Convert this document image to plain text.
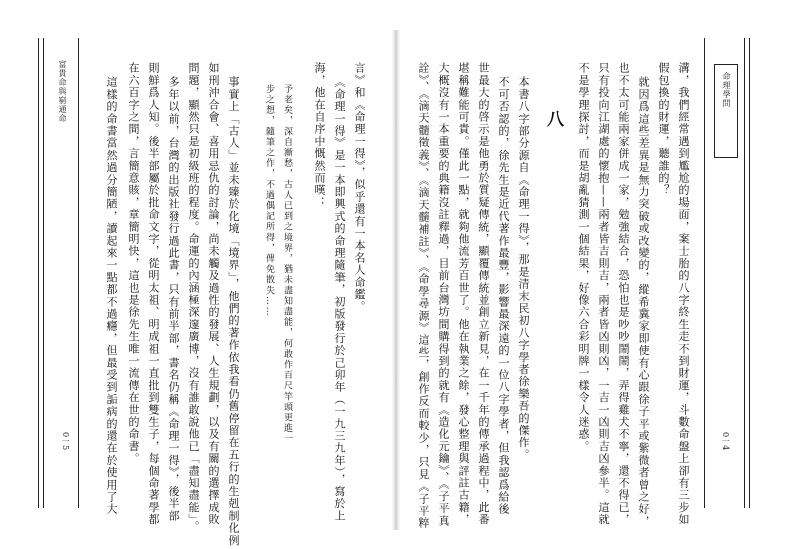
富貴命與窮通命	命理學問
0一5	0一4
言》和《命理一得》，似乎還有一本名人命鑑。
《命理一得》是一本即興式的命理隨筆，初版發行於己卯年（一九三九年），寫於上
海，他在自序中慨然而嘆：
予老矣，深自漸愁，古人已到之境界，猶未盡知盡能，何敢作百尺竿頭更進一
步之想，隨筆之作，不過偶記所得，俾免散失……
事實上「古人」並未臻於化境「境界」，他們的著作依我看仍舊停留在五行的生剋制化例
如刑沖合會、喜用忌仇的討論，尚未觸及過性的發展、人生規劃，以及有關的選擇成敗
問題，顯然只是初級班的程度。命運的內涵極深邃廣博，沒有誰敢說他已「盡知盡能」。
多年以前，台灣的出版社發行過此書，只有前半部，書名仍稱《命理一得》，後半部
則鮮爲人知。後半部屬於批命文字，從明太祖、明成祖一直批到雙生子，每個命著學都
在六百字之間，言簡意賅，章簡明快，這也是徐先生唯一流傳在世的命書。
這樣的命書當然過分簡陋，讀起來一點都不過癮，但最受到詬病的還在於使用了大	溝，我們經常遇到尷尬的場面，案士胎的八字終生走不到財運，斗數命盤上卻有三步如
假包換的財運，聽誰的？
就因爲這些差異是無力突破或改變的，縱希冀家即使有心跟徐子平或紫微者曾之好，
也不太可能兩家併成一家，勉強結合，恐怕也是吵吵鬧鬧，弄得雞犬不寧，還不得已，
只有投向江湖處的懷抱——兩者皆吉則吉，兩者皆凶則凶，一吉一凶則吉凶參半。這就
不是學理探討，而是胡亂猜測一個結果，好像六合彩明牌一樣令人迷惑。
八
本書八字部分源自《命理一得》，那是清末民初八字學者徐樂吾的傑作。
不可否認的，徐先生是近代著作最豐，影響最深遠的一位八字學者，但我認爲給後
世最大的啓示是他勇於質疑傳統，顯覆傳統並創立新見，在一千年的傳承過程中，此番
堪稱難能可貴。僅此一點，就夠他流芳百世了。他在執業之餘，發心整理與評註古籍，
大概沒有一本重要的典籍沒註釋過，目前台灣坊間購得到的就有《造化元鑰》、《子平真
詮》、《滴天髓徵義》、《滴天髓補註》、《命學尋源》這些，創作反而較少，只見《子平粹
